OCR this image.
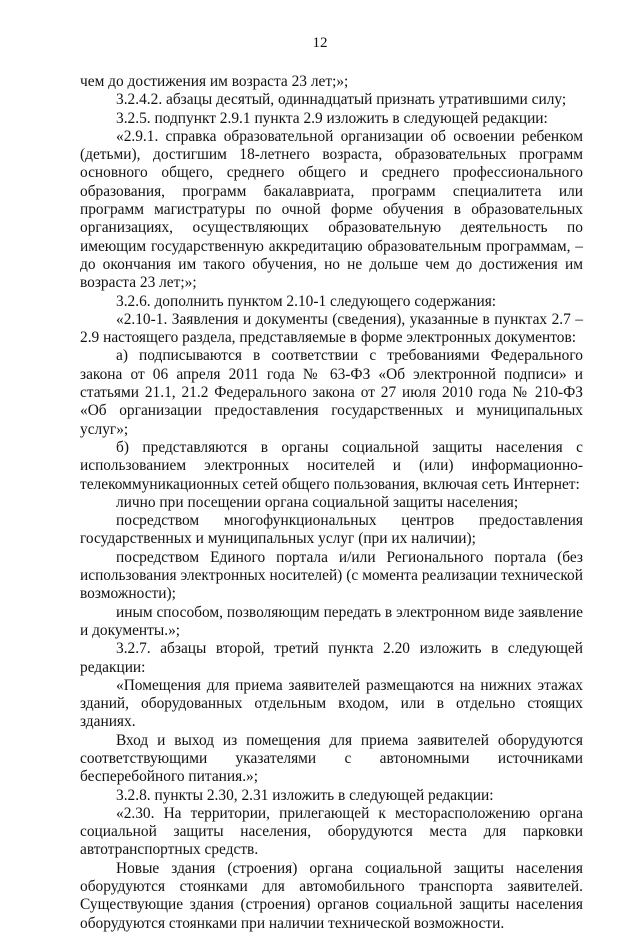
12

чем до достижения им возраста 23 лет;»;

3.2.4.2. абзацы десятый, одиннадцатый признать утратившими силу;

3.2.5. подпункт 2.9.1 пункта 2.9 изложить в следующей редакции:

«2.9.1. справка образовательной организации об освоении ребенком (детьми), достигшим 18-летнего возраста, образовательных программ основного общего, среднего общего и среднего профессионального образования, программ бакалавриата, программ специалитета или программ магистратуры по очной форме обучения в образовательных организациях, осуществляющих образовательную деятельность по имеющим государственную аккредитацию образовательным программам, – до окончания им такого обучения, но не дольше чем до достижения им возраста 23 лет;»;

3.2.6. дополнить пунктом 2.10-1 следующего содержания:

«2.10-1. Заявления и документы (сведения), указанные в пунктах 2.7 – 2.9 настоящего раздела, представляемые в форме электронных документов:

а) подписываются в соответствии с требованиями Федерального закона от 06 апреля 2011 года № 63-ФЗ «Об электронной подписи» и статьями 21.1, 21.2 Федерального закона от 27 июля 2010 года № 210-ФЗ «Об организации предоставления государственных и муниципальных услуг»;

б) представляются в органы социальной защиты населения с использованием электронных носителей и (или) информационно-телекоммуникационных сетей общего пользования, включая сеть Интернет:

лично при посещении органа социальной защиты населения;

посредством многофункциональных центров предоставления государственных и муниципальных услуг (при их наличии);

посредством Единого портала и/или Регионального портала (без использования электронных носителей) (с момента реализации технической возможности);

иным способом, позволяющим передать в электронном виде заявление и документы.»;

3.2.7. абзацы второй, третий пункта 2.20 изложить в следующей редакции:

«Помещения для приема заявителей размещаются на нижних этажах зданий, оборудованных отдельным входом, или в отдельно стоящих зданиях.

Вход и выход из помещения для приема заявителей оборудуются соответствующими указателями с автономными источниками бесперебойного питания.»;

3.2.8. пункты 2.30, 2.31 изложить в следующей редакции:

«2.30. На территории, прилегающей к месторасположению органа социальной защиты населения, оборудуются места для парковки автотранспортных средств.

Новые здания (строения) органа социальной защиты населения оборудуются стоянками для автомобильного транспорта заявителей. Существующие здания (строения) органов социальной защиты населения оборудуются стоянками при наличии технической возможности.
